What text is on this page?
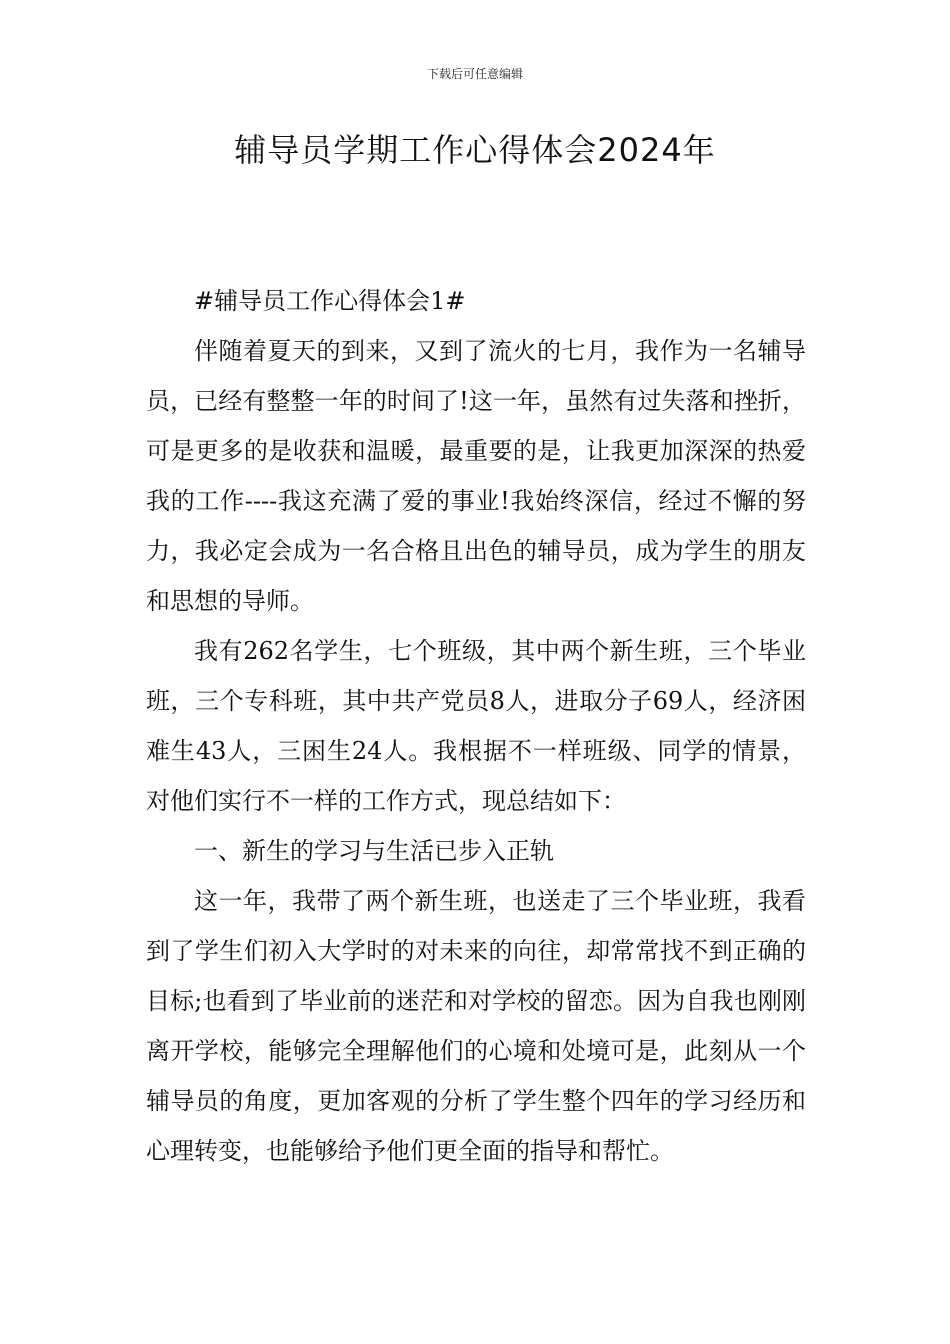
下载后可任意编辑
辅导员学期工作心得体会2024年

#辅导员工作心得体会1#

伴随着夏天的到来，又到了流火的七月，我作为一名辅导员，已经有整整一年的时间了!这一年，虽然有过失落和挫折，可是更多的是收获和温暖，最重要的是，让我更加深深的热爱我的工作----我这充满了爱的事业!我始终深信，经过不懈的努力，我必定会成为一名合格且出色的辅导员，成为学生的朋友和思想的导师。

我有262名学生，七个班级，其中两个新生班，三个毕业班，三个专科班，其中共产党员8人，进取分子69人，经济困难生43人，三困生24人。我根据不一样班级、同学的情景，对他们实行不一样的工作方式，现总结如下：

一、新生的学习与生活已步入正轨

这一年，我带了两个新生班，也送走了三个毕业班，我看到了学生们初入大学时的对未来的向往，却常常找不到正确的目标;也看到了毕业前的迷茫和对学校的留恋。因为自我也刚刚离开学校，能够完全理解他们的心境和处境可是，此刻从一个辅导员的角度，更加客观的分析了学生整个四年的学习经历和心理转变，也能够给予他们更全面的指导和帮忙。
